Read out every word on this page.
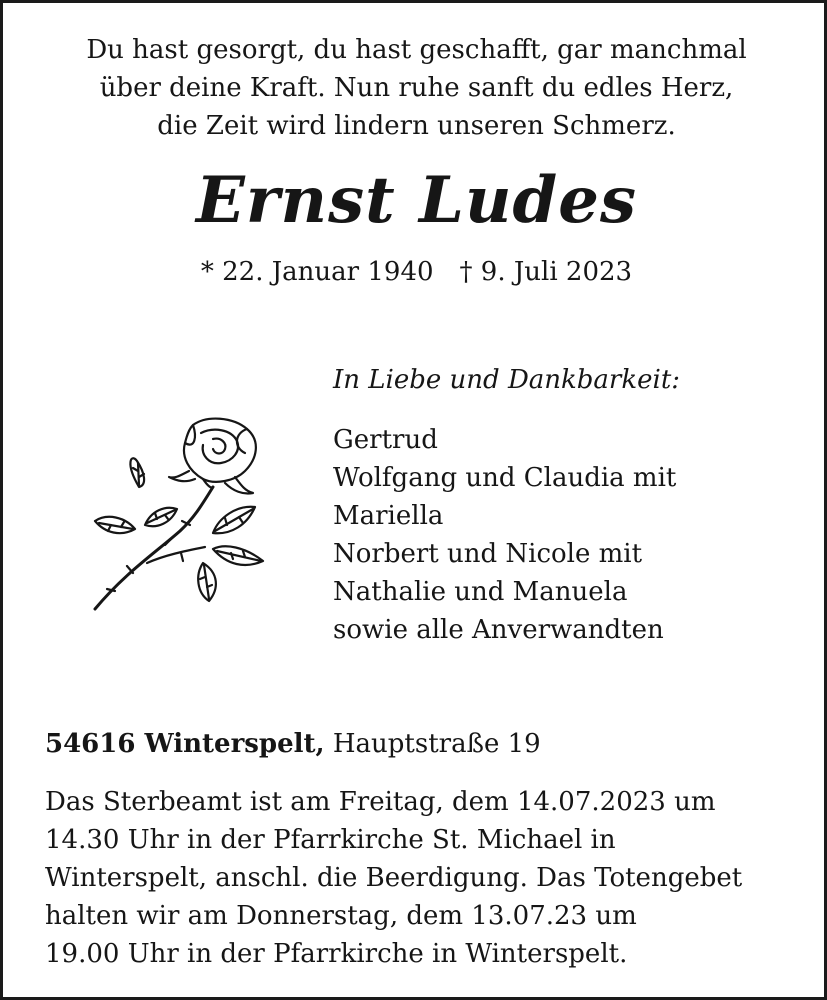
Du hast gesorgt, du hast geschafft, gar manchmal
über deine Kraft. Nun ruhe sanft du edles Herz,
die Zeit wird lindern unseren Schmerz.
Ernst Ludes
* 22. Januar 1940 † 9. Juli 2023
In Liebe und Dankbarkeit:
Gertrud
Wolfgang und Claudia mit
Mariella
Norbert und Nicole mit
Nathalie und Manuela
sowie alle Anverwandten
54616 Winterspelt, Hauptstraße 19
Das Sterbeamt ist am Freitag, dem 14.07.2023 um
14.30 Uhr in der Pfarrkirche St. Michael in
Winterspelt, anschl. die Beerdigung. Das Totengebet
halten wir am Donnerstag, dem 13.07.23 um
19.00 Uhr in der Pfarrkirche in Winterspelt.
